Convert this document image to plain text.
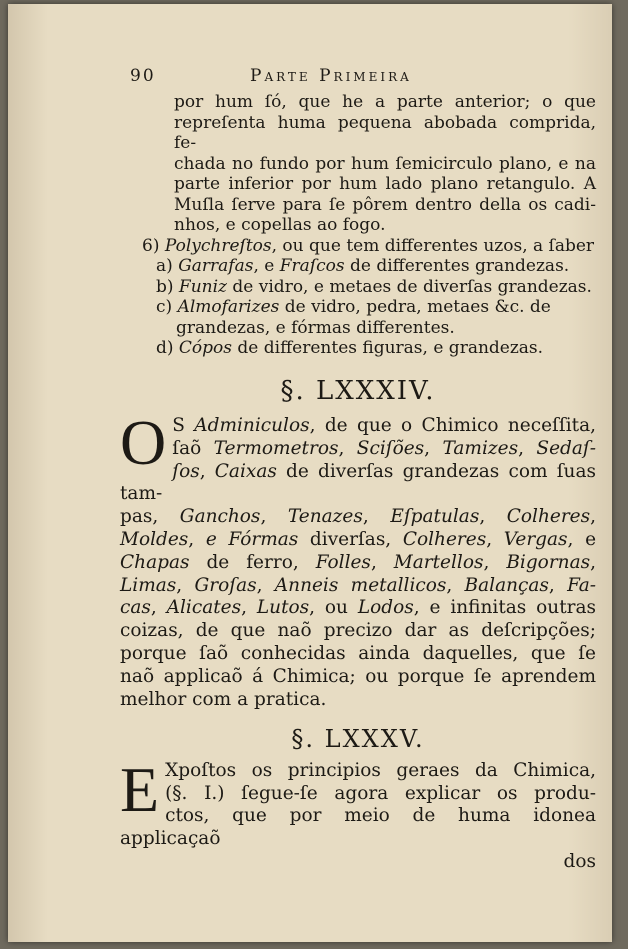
90	Parte Primeira
por hum ſó, que he a parte anterior; o que
repreſenta huma pequena abobada comprida, fe-
chada no fundo por hum ſemicirculo plano, e na
parte inferior por hum lado plano retangulo. A
Muſla ſerve para ſe pôrem dentro della os cadi-
nhos, e copellas ao fogo.
6) Polychreſtos, ou que tem differentes uzos, a ſaber
a) Garrafas, e Fraſcos de differentes grandezas.
b) Funiz de vidro, e metaes de diverſas grandezas.
c) Almofarizes de vidro, pedra, metaes &c. de
grandezas, e fórmas differentes.
d) Cópos de differentes figuras, e grandezas.
§. LXXXIV.
O S Adminiculos, de que o Chimico neceſſita,
ſaõ Termometros, Sciſões, Tamizes, Sedaſ-
ſos, Caixas de diverſas grandezas com ſuas tam-
pas, Ganchos, Tenazes, Eſpatulas, Colheres,
Moldes, e Fórmas diverſas, Colheres, Vergas, e
Chapas de ferro, Folles, Martellos, Bigornas,
Limas, Groſas, Anneis metallicos, Balanças, Fa-
cas, Alicates, Lutos, ou Lodos, e infinitas outras
coizas, de que naõ precizo dar as deſcripções;
porque ſaõ conhecidas ainda daquelles, que ſe
naõ applicaõ á Chimica; ou porque ſe aprendem
melhor com a pratica.
§. LXXXV.
E Xpoſtos os principios geraes da Chimica,
(§. I.) ſegue-ſe agora explicar os produ-
ctos, que por meio de huma idonea applicaçaõ
dos
